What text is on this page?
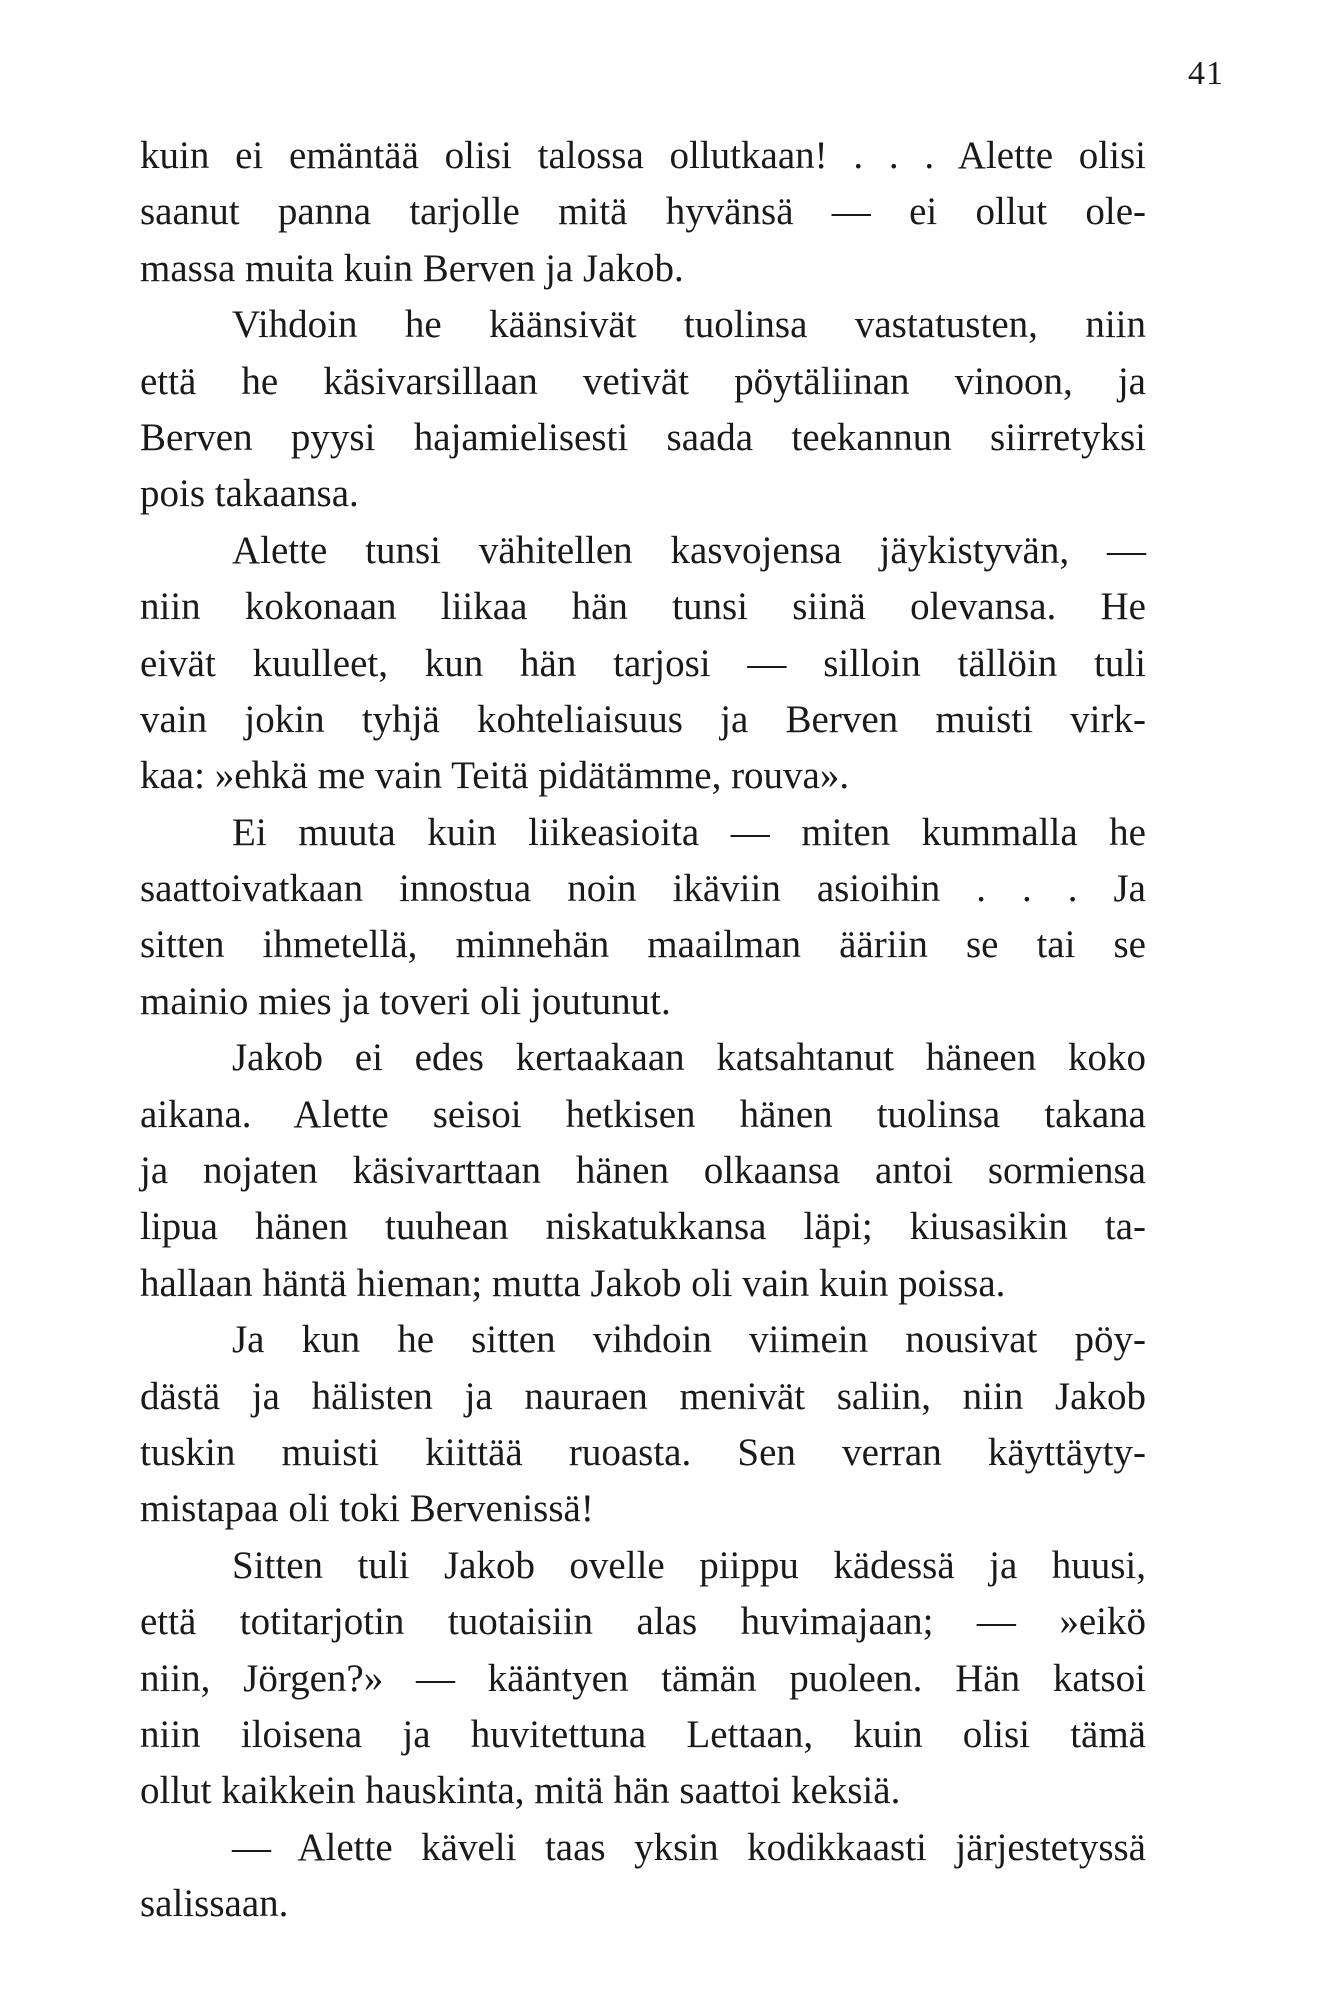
41
kuin ei emäntää olisi talossa ollutkaan! . . . Alette olisi
saanut panna tarjolle mitä hyvänsä — ei ollut ole-
massa muita kuin Berven ja Jakob.
Vihdoin he käänsivät tuolinsa vastatusten, niin
että he käsivarsillaan vetivät pöytäliinan vinoon, ja
Berven pyysi hajamielisesti saada teekannun siirretyksi
pois takaansa.
Alette tunsi vähitellen kasvojensa jäykistyvän, —
niin kokonaan liikaa hän tunsi siinä olevansa. He
eivät kuulleet, kun hän tarjosi — silloin tällöin tuli
vain jokin tyhjä kohteliaisuus ja Berven muisti virk-
kaa: »ehkä me vain Teitä pidätämme, rouva».
Ei muuta kuin liikeasioita — miten kummalla he
saattoivatkaan innostua noin ikäviin asioihin . . . Ja
sitten ihmetellä, minnehän maailman ääriin se tai se
mainio mies ja toveri oli joutunut.
Jakob ei edes kertaakaan katsahtanut häneen koko
aikana. Alette seisoi hetkisen hänen tuolinsa takana
ja nojaten käsivarttaan hänen olkaansa antoi sormiensa
lipua hänen tuuhean niskatukkansa läpi; kiusasikin ta-
hallaan häntä hieman; mutta Jakob oli vain kuin poissa.
Ja kun he sitten vihdoin viimein nousivat pöy-
dästä ja hälisten ja nauraen menivät saliin, niin Jakob
tuskin muisti kiittää ruoasta. Sen verran käyttäyty-
mistapaa oli toki Bervenissä!
Sitten tuli Jakob ovelle piippu kädessä ja huusi,
että totitarjotin tuotaisiin alas huvimajaan; — »eikö
niin, Jörgen?» — kääntyen tämän puoleen. Hän katsoi
niin iloisena ja huvitettuna Lettaan, kuin olisi tämä
ollut kaikkein hauskinta, mitä hän saattoi keksiä.
— Alette käveli taas yksin kodikkaasti järjestetyssä
salissaan.
